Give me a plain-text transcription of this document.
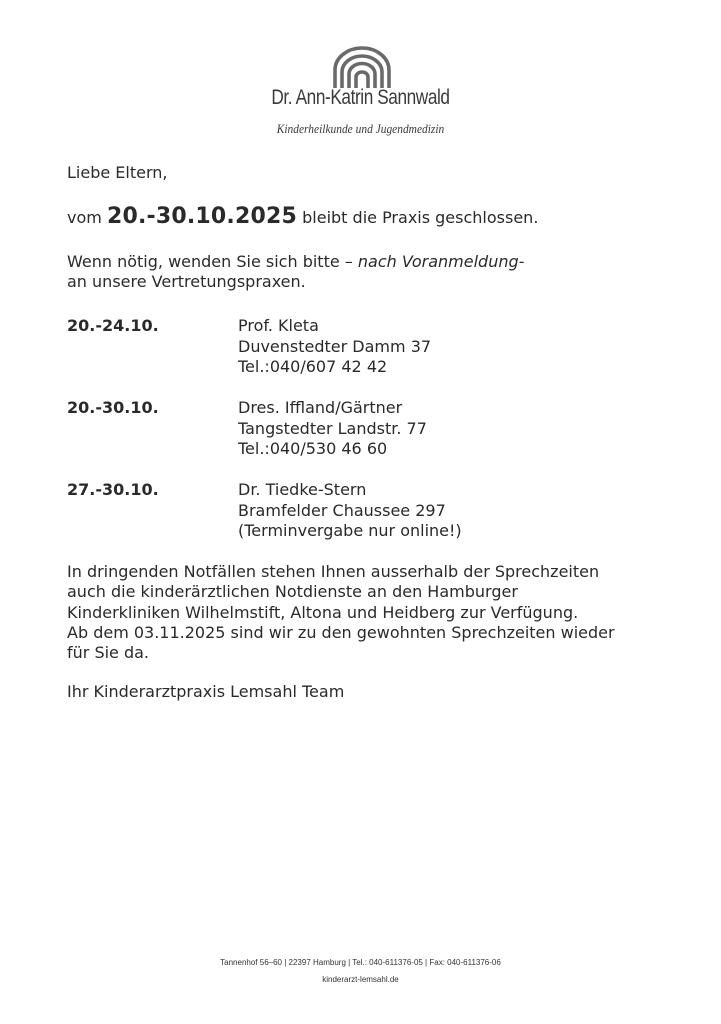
Dr. Ann-Katrin Sannwald
Kinderheilkunde und Jugendmedizin
Liebe Eltern,
vom 20.-30.10.2025 bleibt die Praxis geschlossen.
Wenn nötig, wenden Sie sich bitte – nach Voranmeldung-
an unsere Vertretungspraxen.
20.-24.10.	Prof. Kleta
Duvenstedter Damm 37
Tel.:040/607 42 42
20.-30.10.	Dres. Iffland/Gärtner
Tangstedter Landstr. 77
Tel.:040/530 46 60
27.-30.10.	Dr. Tiedke-Stern
Bramfelder Chaussee 297
(Terminvergabe nur online!)
In dringenden Notfällen stehen Ihnen ausserhalb der Sprechzeiten
auch die kinderärztlichen Notdienste an den Hamburger
Kinderkliniken Wilhelmstift, Altona und Heidberg zur Verfügung.
Ab dem 03.11.2025 sind wir zu den gewohnten Sprechzeiten wieder
für Sie da.
Ihr Kinderarztpraxis Lemsahl Team
Tannenhof 56–60 | 22397 Hamburg | Tel.: 040-611376-05 | Fax: 040-611376-06
kinderarzt-lemsahl.de
